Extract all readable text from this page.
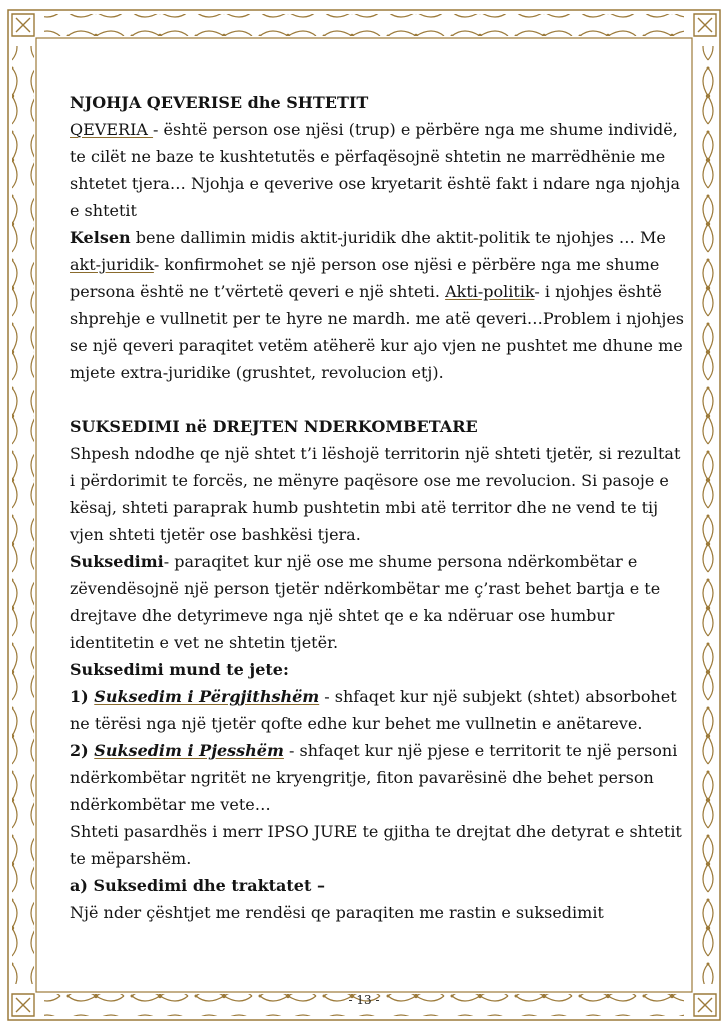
NJOHJA QEVERISE dhe SHTETIT

QEVERIA - është person ose njësi (trup) e përbëre nga me shume individë, te cilët ne baze te kushtetutës e përfaqësojnë shtetin ne marrëdhënie me shtetet tjera… Njohja e qeverive ose kryetarit është fakt i ndare nga njohja e shtetit

Kelsen bene dallimin midis aktit-juridik dhe aktit-politik te njohjes … Me akt-juridik- konfirmohet se një person ose njësi e përbëre nga me shume persona është ne t’vërtetë qeveri e një shteti. Akti-politik- i njohjes është shprehje e vullnetit per te hyre ne mardh. me atë qeveri…Problem i njohjes se një qeveri paraqitet vetëm atëherë kur ajo vjen ne pushtet me dhune me mjete extra-juridike (grushtet, revolucion etj).

SUKSEDIMI në DREJTEN NDERKOMBETARE

Shpesh ndodhe qe një shtet t’i lëshojë territorin një shteti tjetër, si rezultat i përdorimit te forcës, ne mënyre paqësore ose me revolucion. Si pasoje e kësaj, shteti paraprak humb pushtetin mbi atë territor dhe ne vend te tij vjen shteti tjetër ose bashkësi tjera.

Suksedimi- paraqitet kur një ose me shume persona ndërkombëtar e zëvendësojnë një person tjetër ndërkombëtar me ç’rast behet bartja e te drejtave dhe detyrimeve nga një shtet qe e ka ndëruar ose humbur identitetin e vet ne shtetin tjetër.

Suksedimi mund te jete:

1) Suksedim i Përgjithshëm - shfaqet kur një subjekt (shtet) absorbohet ne tërësi nga një tjetër qofte edhe kur behet me vullnetin e anëtareve.

2) Suksedim i Pjesshëm - shfaqet kur një pjese e territorit te një personi ndërkombëtar ngritët ne kryengritje, fiton pavarësinë dhe behet person ndërkombëtar me vete…

Shteti pasardhës i merr IPSO JURE te gjitha te drejtat dhe detyrat e shtetit te mëparshëm.

a) Suksedimi dhe traktatet –

Një nder çështjet me rendësi qe paraqiten me rastin e suksedimit

- 13 -
